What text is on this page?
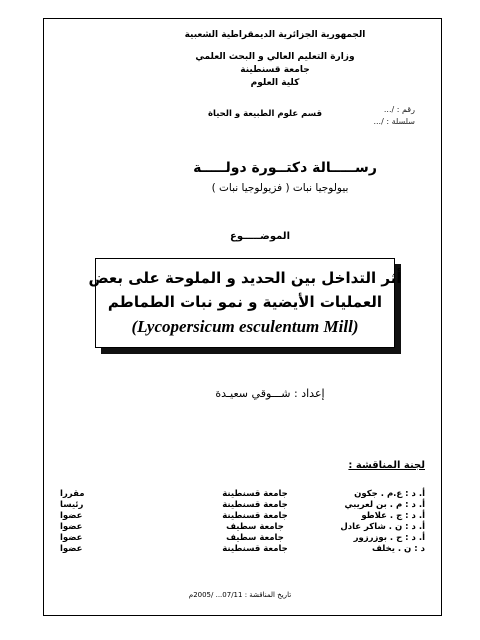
الجمهورية الجزائرية الديمقراطية الشعبية
وزارة التعليم العالي و البحث العلمي
جامعة قسنطينة
كلية العلوم
قسم علوم الطبيعة و الحياة	رقم : /...
سلسلة : /...
رســـــالة دكتــورة دولـــــة
بيولوجيا نبات ( فزيولوجيا نبات )
الموضـــــوع
أثر التداخل بين الحديد و الملوحة على بعض
العمليات الأيضية و نمو نبات الطماطم
(Lycopersicum esculentum Mill)
إعداد : شـــوقي سعيـدة
لجنة المناقشة :
أ. د : ع.م . جكون
جامعة قسنطينة
مقررا
أ. د : م . بن لعريبي
جامعة قسنطينة
رئيسا
أ. د : ج . علاطو
جامعة قسنطينة
عضوا
أ. د : ن . شاكر عادل
جامعة سطيف
عضوا
أ. د : ح . بوزرزور
جامعة سطيف
عضوا
د : ن . يخلف
جامعة قسنطينة
عضوا
تاريخ المناقشة : 07/11... /2005م
